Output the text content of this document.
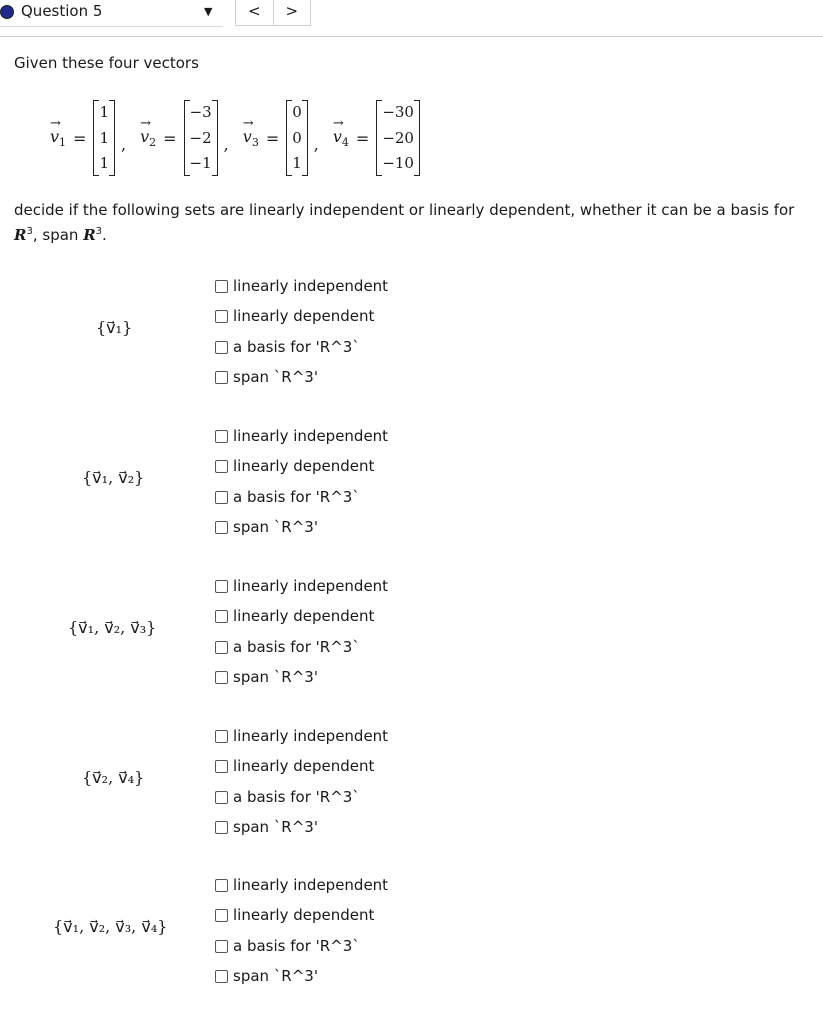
Question 5	▼	<	>
Given these four vectors
→
$v_1$ =
1
1
1
,
→
$v_2$ =
−3
−2
−1
,
→
$v_3$ =
0
0
1
,
→
$v_4$ =
−30
−20
−10
decide if the following sets are linearly independent or linearly dependent, whether it can be a basis for
$R^3$, span $R^3$.
{v⃗₁}
linearly independent
linearly dependent
a basis for 'R^3`
span `R^3'
{v⃗₁, v⃗₂}
linearly independent
linearly dependent
a basis for 'R^3`
span `R^3'
{v⃗₁, v⃗₂, v⃗₃}
linearly independent
linearly dependent
a basis for 'R^3`
span `R^3'
{v⃗₂, v⃗₄}
linearly independent
linearly dependent
a basis for 'R^3`
span `R^3'
{v⃗₁, v⃗₂, v⃗₃, v⃗₄}
linearly independent
linearly dependent
a basis for 'R^3`
span `R^3'
